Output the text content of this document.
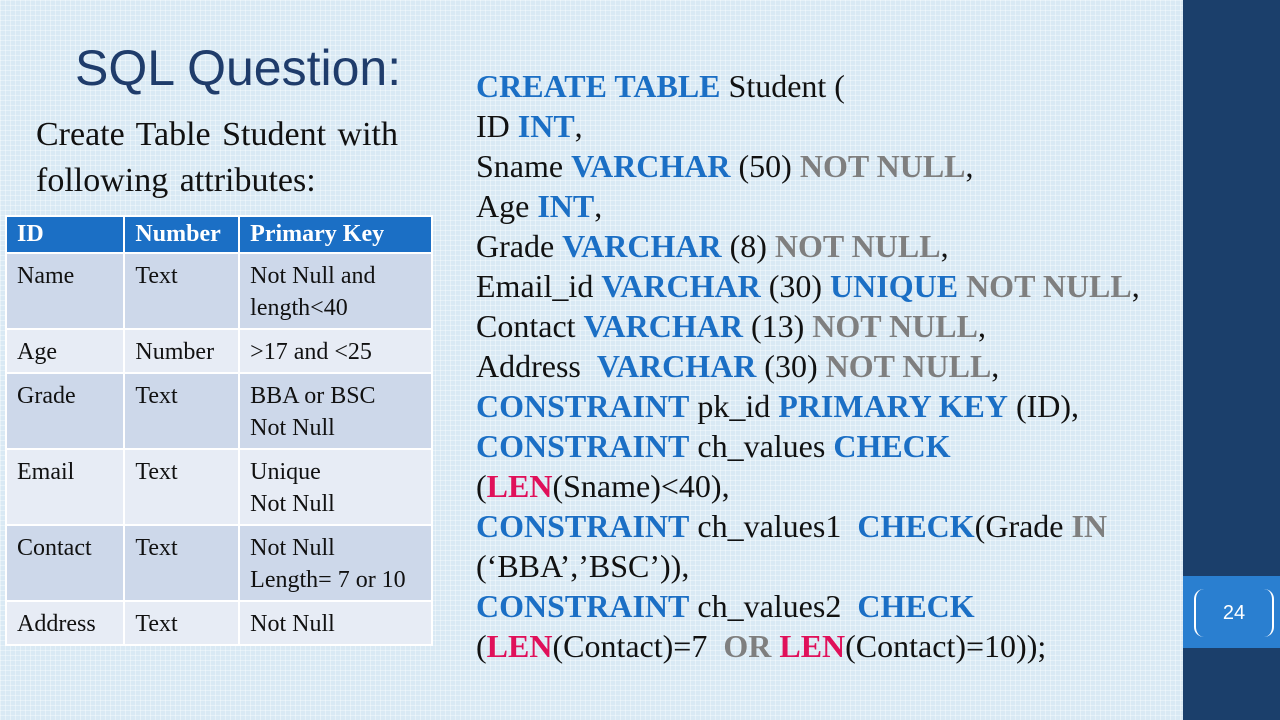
24
SQL Question:
Create Table Student with following attributes:
ID	Number	Primary Key
Name	Text	Not Null and length<40
Age	Number	>17 and <25
Grade	Text	BBA or BSC
Not Null
Email	Text	Unique
Not Null
Contact	Text	Not Null
Length= 7 or 10
Address	Text	Not Null
CREATE TABLE Student (
ID INT,
Sname VARCHAR (50) NOT NULL,
Age INT,
Grade VARCHAR (8) NOT NULL,
Email_id VARCHAR (30) UNIQUE NOT NULL,
Contact VARCHAR (13) NOT NULL,
Address  VARCHAR (30) NOT NULL,
CONSTRAINT pk_id PRIMARY KEY (ID),
CONSTRAINT ch_values CHECK
(LEN(Sname)<40),
CONSTRAINT ch_values1  CHECK(Grade IN
(‘BBA’,’BSC’)),
CONSTRAINT ch_values2  CHECK
(LEN(Contact)=7  OR LEN(Contact)=10));
